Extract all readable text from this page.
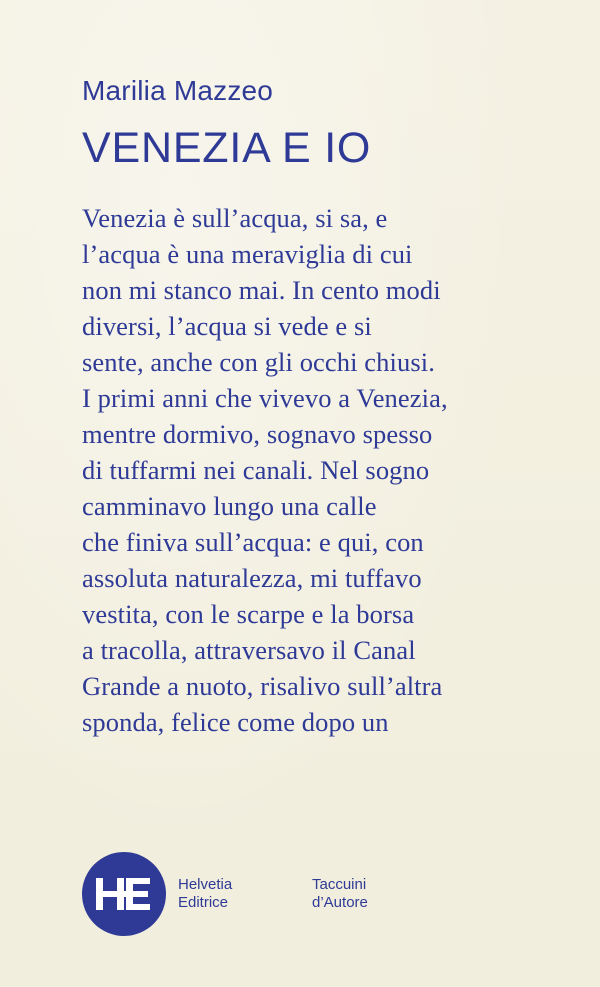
Marilia Mazzeo
VENEZIA E IO
Venezia è sull’acqua, si sa, e
l’acqua è una meraviglia di cui
non mi stanco mai. In cento modi
diversi, l’acqua si vede e si
sente, anche con gli occhi chiusi.
I primi anni che vivevo a Venezia,
mentre dormivo, sognavo spesso
di tuffarmi nei canali. Nel sogno
camminavo lungo una calle
che finiva sull’acqua: e qui, con
assoluta naturalezza, mi tuffavo
vestita, con le scarpe e la borsa
a tracolla, attraversavo il Canal
Grande a nuoto, risalivo sull’altra
sponda, felice come dopo un
Helvetia
Editrice
Taccuini
d’Autore
